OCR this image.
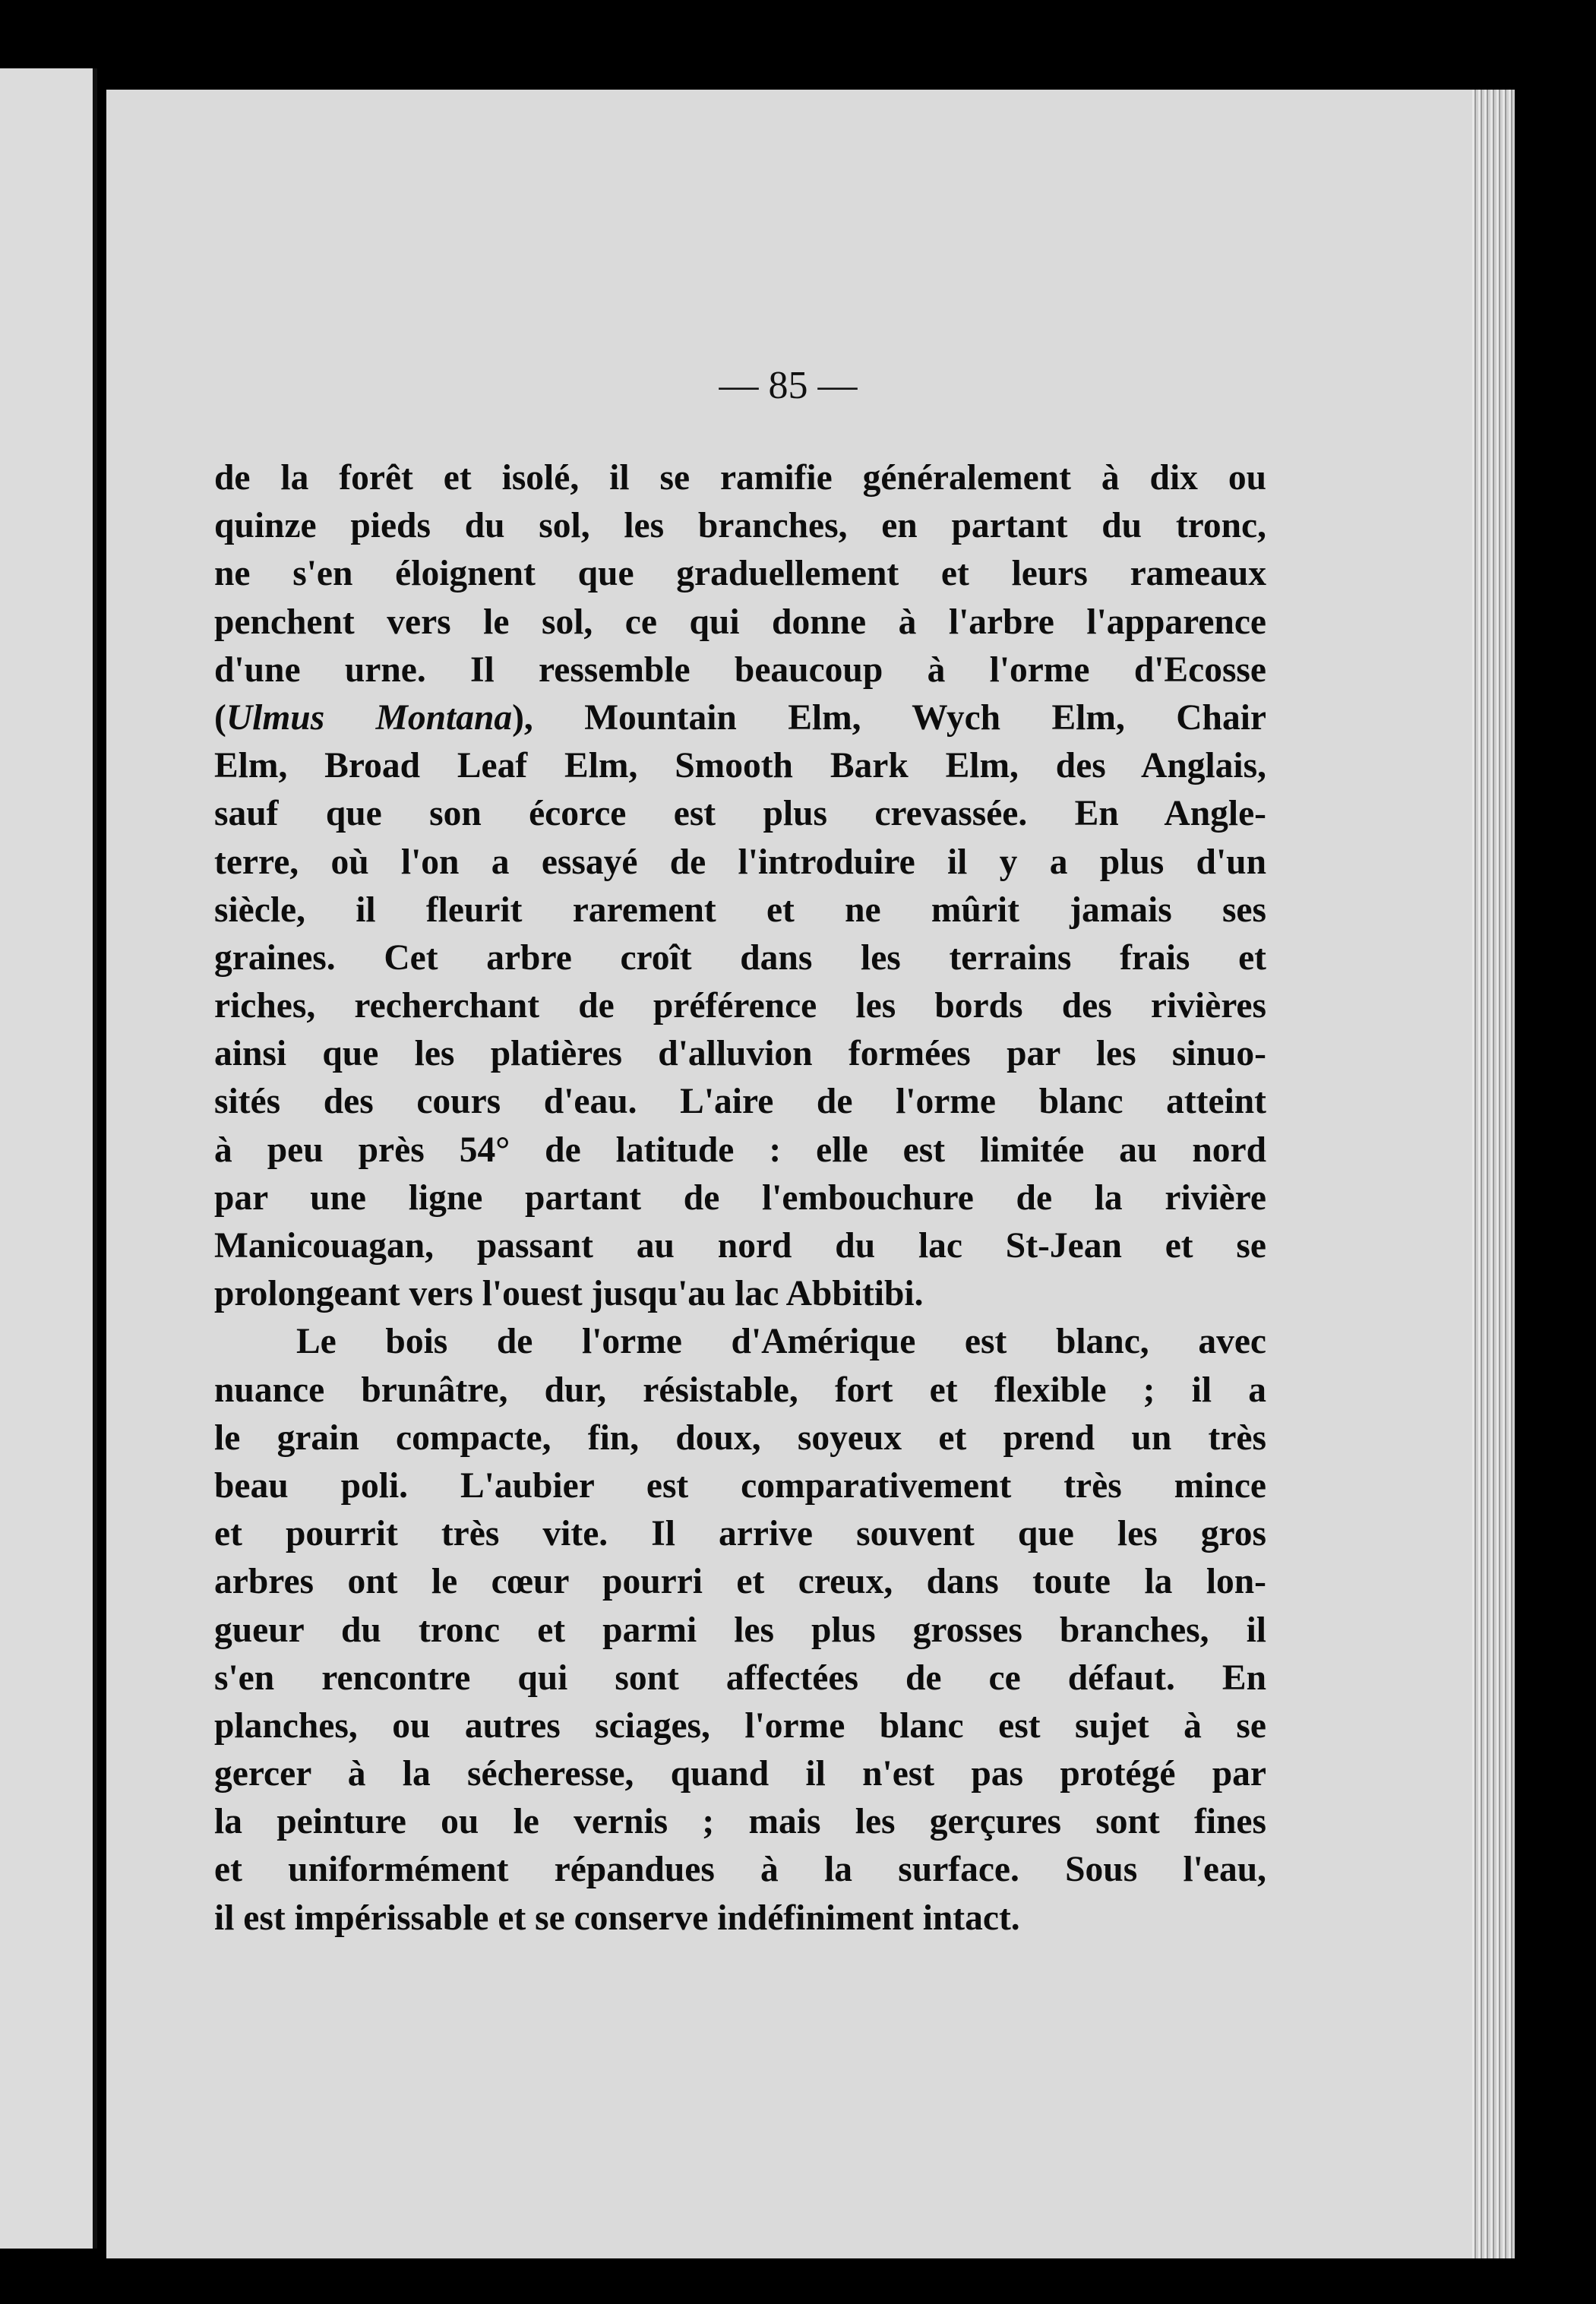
— 85 —
de la forêt et isolé, il se ramifie généralement à dix ou
quinze pieds du sol, les branches, en partant du tronc,
ne s'en éloignent que graduellement et leurs rameaux
penchent vers le sol, ce qui donne à l'arbre l'apparence
d'une urne. Il ressemble beaucoup à l'orme d'Ecosse
(Ulmus Montana), Mountain Elm, Wych Elm, Chair
Elm, Broad Leaf Elm, Smooth Bark Elm, des Anglais,
sauf que son écorce est plus crevassée. En Angle-
terre, où l'on a essayé de l'introduire il y a plus d'un
siècle, il fleurit rarement et ne mûrit jamais ses
graines. Cet arbre croît dans les terrains frais et
riches, recherchant de préférence les bords des rivières
ainsi que les platières d'alluvion formées par les sinuo-
sités des cours d'eau. L'aire de l'orme blanc atteint
à peu près 54° de latitude : elle est limitée au nord
par une ligne partant de l'embouchure de la rivière
Manicouagan, passant au nord du lac St-Jean et se
prolongeant vers l'ouest jusqu'au lac Abbitibi.
Le bois de l'orme d'Amérique est blanc, avec
nuance brunâtre, dur, résistable, fort et flexible ; il a
le grain compacte, fin, doux, soyeux et prend un très
beau poli. L'aubier est comparativement très mince
et pourrit très vite. Il arrive souvent que les gros
arbres ont le cœur pourri et creux, dans toute la lon-
gueur du tronc et parmi les plus grosses branches, il
s'en rencontre qui sont affectées de ce défaut. En
planches, ou autres sciages, l'orme blanc est sujet à se
gercer à la sécheresse, quand il n'est pas protégé par
la peinture ou le vernis ; mais les gerçures sont fines
et uniformément répandues à la surface. Sous l'eau,
il est impérissable et se conserve indéfiniment intact.
